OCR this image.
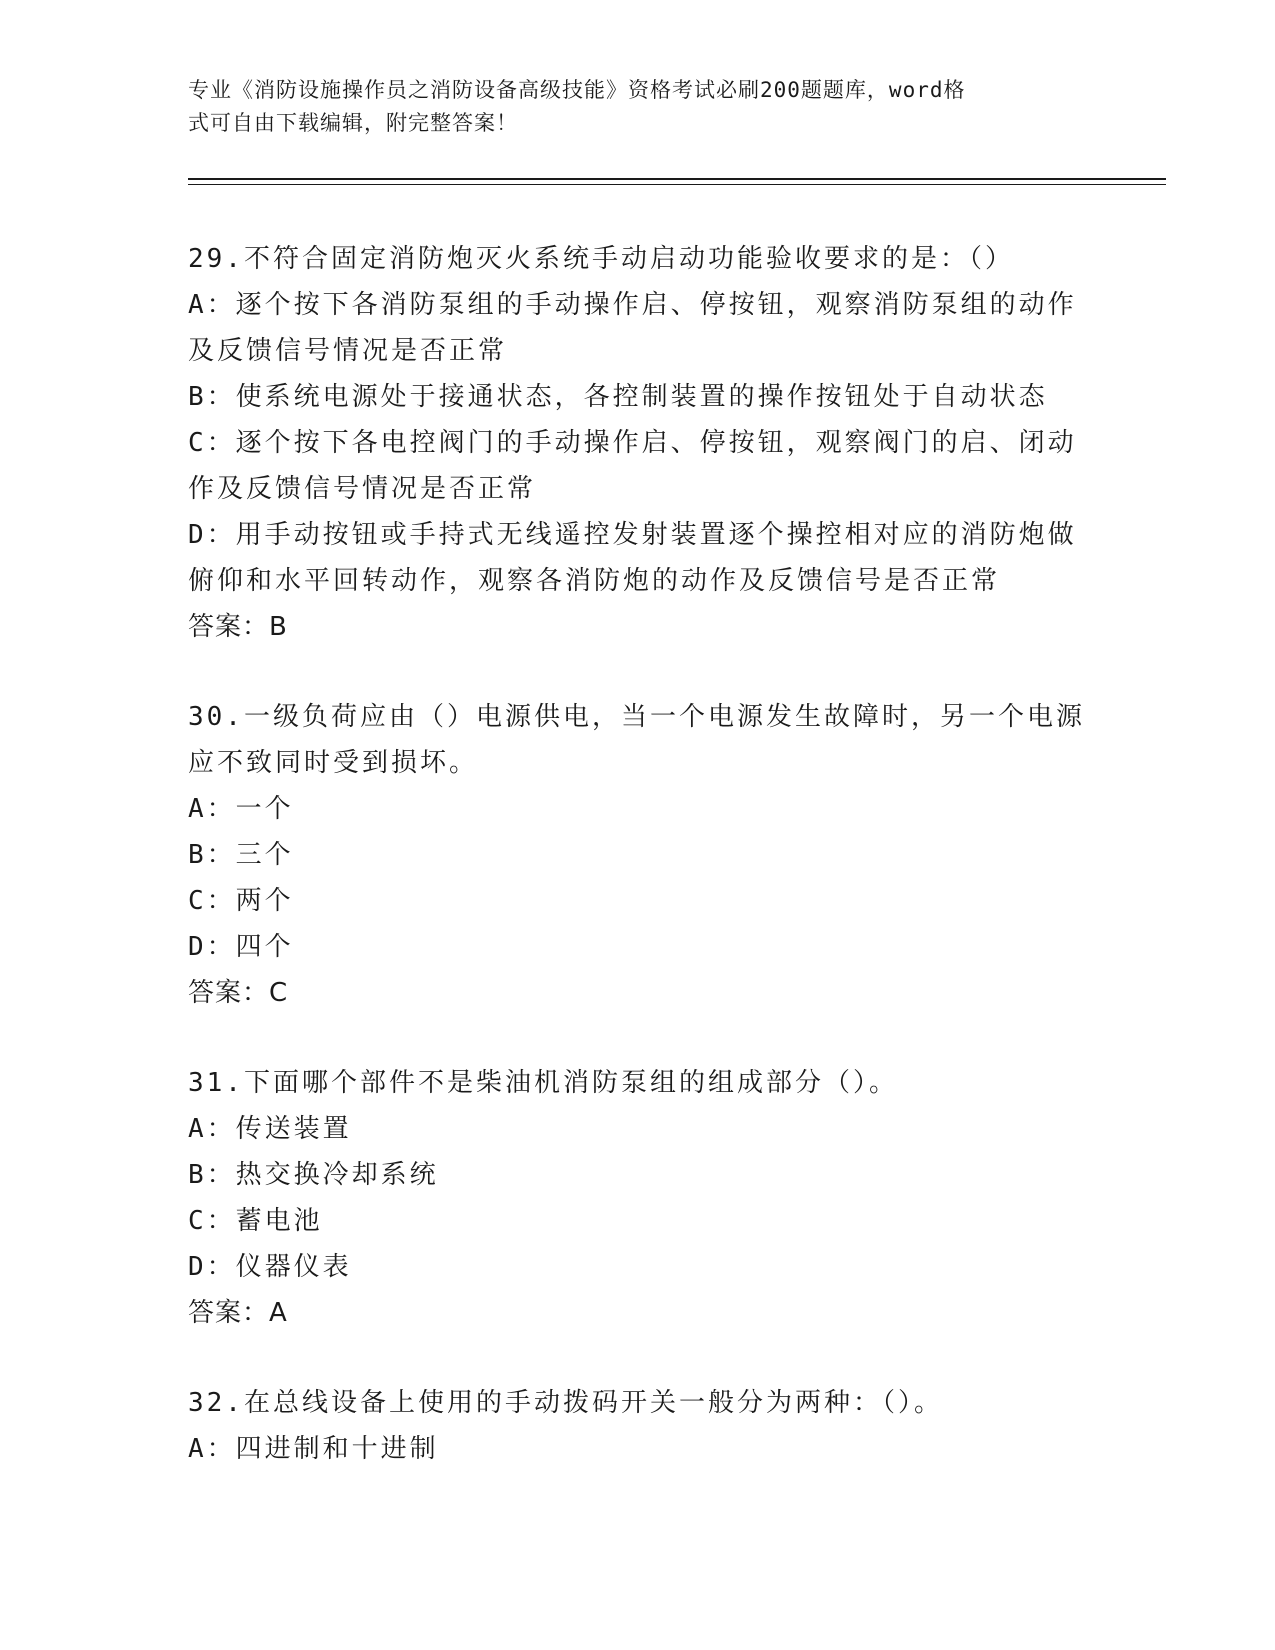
专业《消防设施操作员之消防设备高级技能》资格考试必刷200题题库，word格
式可自由下载编辑，附完整答案！
29.不符合固定消防炮灭火系统手动启动功能验收要求的是：（）
A：逐个按下各消防泵组的手动操作启、停按钮，观察消防泵组的动作
及反馈信号情况是否正常
B：使系统电源处于接通状态，各控制装置的操作按钮处于自动状态
C：逐个按下各电控阀门的手动操作启、停按钮，观察阀门的启、闭动
作及反馈信号情况是否正常
D：用手动按钮或手持式无线遥控发射装置逐个操控相对应的消防炮做
俯仰和水平回转动作，观察各消防炮的动作及反馈信号是否正常
答案：B
30.一级负荷应由（）电源供电，当一个电源发生故障时，另一个电源
应不致同时受到损坏。
A：一个
B：三个
C：两个
D：四个
答案：C
31.下面哪个部件不是柴油机消防泵组的组成部分（）。
A：传送装置
B：热交换冷却系统
C：蓄电池
D：仪器仪表
答案：A
32.在总线设备上使用的手动拨码开关一般分为两种：（）。
A：四进制和十进制
